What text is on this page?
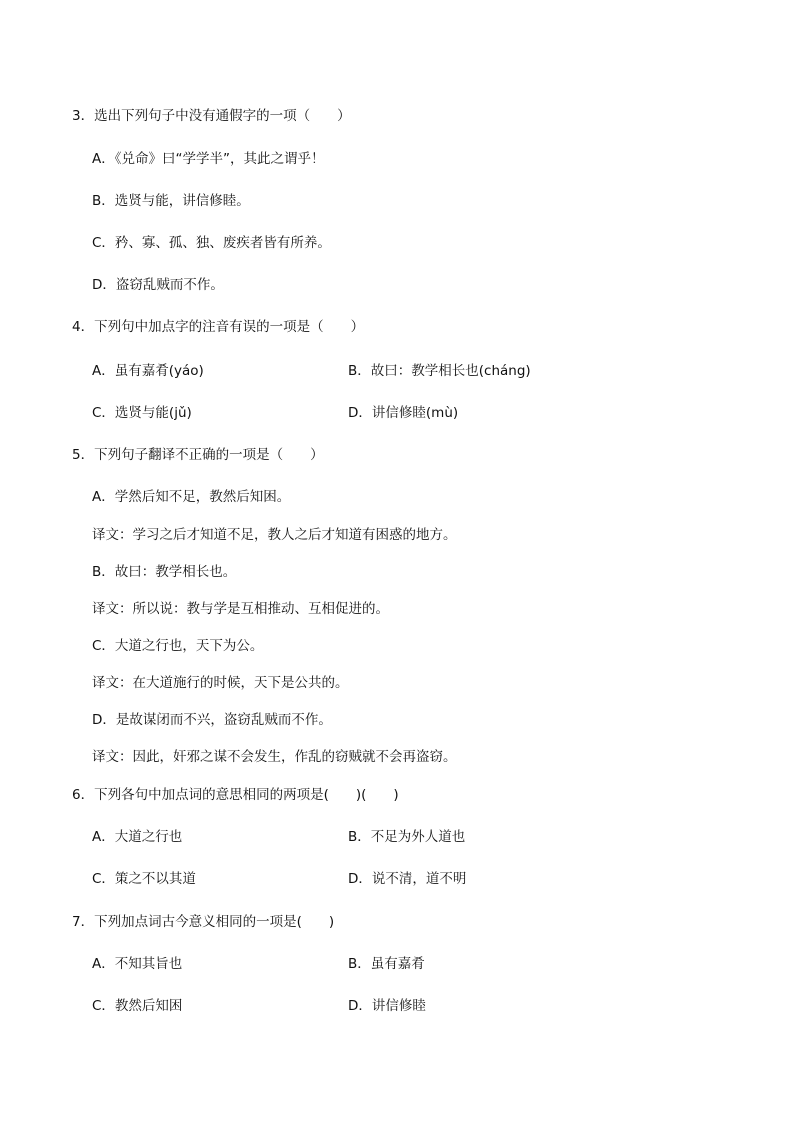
3．选出下列句子中没有通假字的一项（　　）
A．《兑命》曰“学学半”，其此之谓乎！
B．选贤与能，讲信修睦。
C．矜、寡、孤、独、废疾者皆有所养。
D．盗窃乱贼而不作。
4．下列句中加点字的注音有误的一项是（　　）
A．虽有嘉肴(yáo)	B．故曰：教学相长也(cháng)
C．选贤与能(jǔ)	D．讲信修睦(mù)
5．下列句子翻译不正确的一项是（　　）
A．学然后知不足，教然后知困。
译文：学习之后才知道不足，教人之后才知道有困惑的地方。
B．故曰：教学相长也。
译文：所以说：教与学是互相推动、互相促进的。
C．大道之行也，天下为公。
译文：在大道施行的时候，天下是公共的。
D．是故谋闭而不兴，盗窃乱贼而不作。
译文：因此，奸邪之谋不会发生，作乱的窃贼就不会再盗窃。
6．下列各句中加点词的意思相同的两项是(　　)(　　)
A．大道之行也	B．不足为外人道也
C．策之不以其道	D．说不清，道不明
7．下列加点词古今意义相同的一项是(　　)
A．不知其旨也	B．虽有嘉肴
C．教然后知困	D．讲信修睦
